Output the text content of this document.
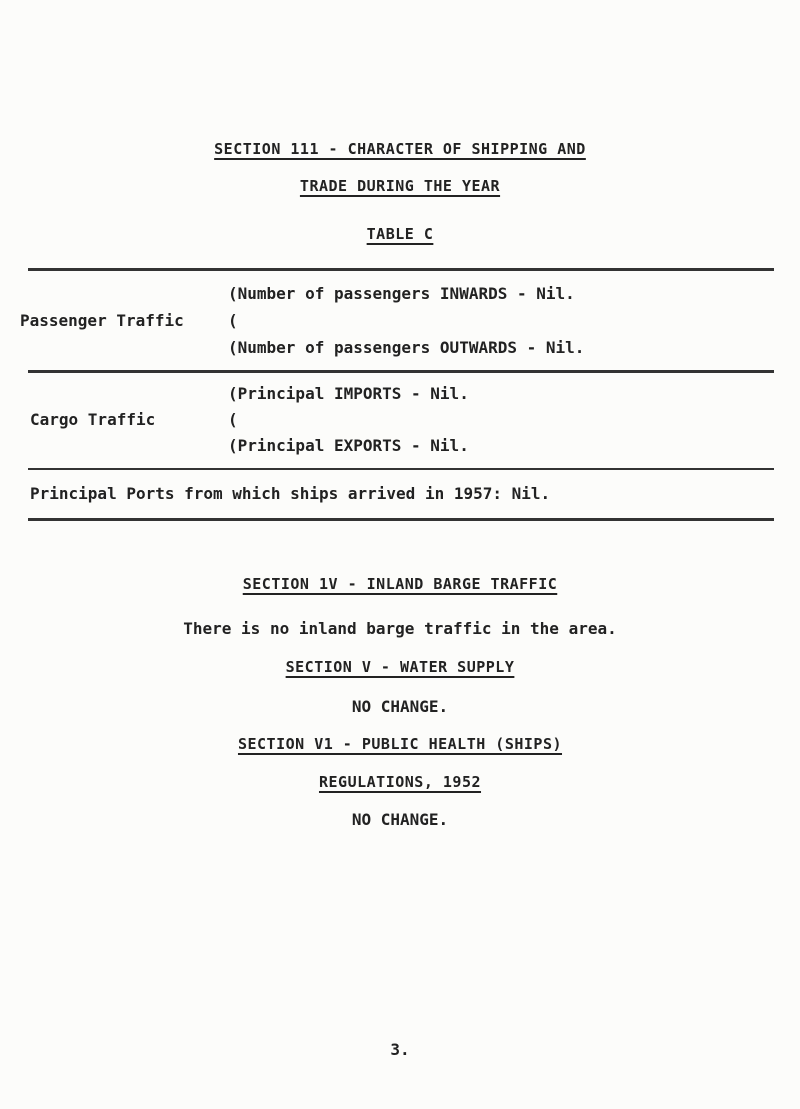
SECTION 111 - CHARACTER OF SHIPPING AND
TRADE DURING THE YEAR
TABLE C
(Number of passengers INWARDS - Nil.
Passenger Traffic	(
(Number of passengers OUTWARDS - Nil.
(Principal IMPORTS - Nil.
Cargo Traffic	(
(Principal EXPORTS - Nil.
Principal Ports from which ships arrived in 1957: Nil.
SECTION 1V - INLAND BARGE TRAFFIC
There is no inland barge traffic in the area.
SECTION V - WATER SUPPLY
NO CHANGE.
SECTION V1 - PUBLIC HEALTH (SHIPS)
REGULATIONS, 1952
NO CHANGE.
3.
